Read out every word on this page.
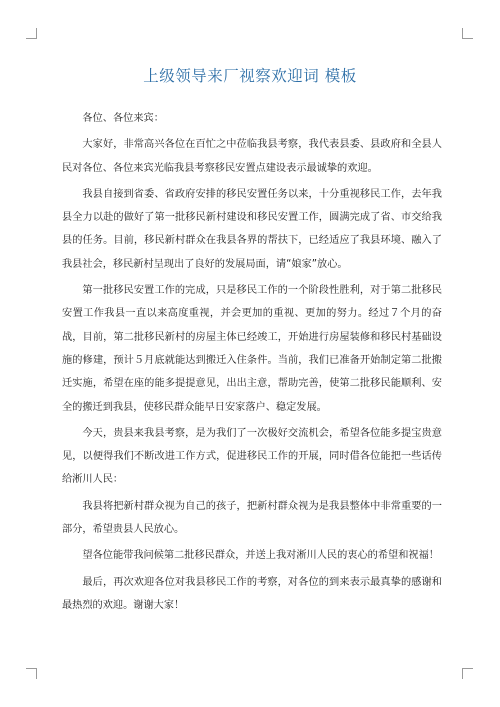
上级领导来厂视察欢迎词 模板

各位、各位来宾：

大家好，非常高兴各位在百忙之中莅临我县考察，我代表县委、县政府和全县人民对各位、各位来宾光临我县考察移民安置点建设表示最诚挚的欢迎。

我县自接到省委、省政府安排的移民安置任务以来，十分重视移民工作，去年我县全力以赴的做好了第一批移民新村建设和移民安置工作，圆满完成了省、市交给我县的任务。目前，移民新村群众在我县各界的帮扶下，已经适应了我县环境、融入了我县社会，移民新村呈现出了良好的发展局面，请“娘家”放心。

第一批移民安置工作的完成，只是移民工作的一个阶段性胜利，对于第二批移民安置工作我县一直以来高度重视，并会更加的重视、更加的努力。经过７个月的奋战，目前，第二批移民新村的房屋主体已经竣工，开始进行房屋装修和移民村基础设施的修建，预计５月底就能达到搬迁入住条件。当前，我们已准备开始制定第二批搬迁实施，希望在座的能多提提意见，出出主意，帮助完善，使第二批移民能顺利、安全的搬迁到我县，使移民群众能早日安家落户、稳定发展。

今天，贵县来我县考察，是为我们了一次极好交流机会，希望各位能多提宝贵意见，以便得我们不断改进工作方式，促进移民工作的开展，同时借各位能把一些话传给淅川人民：

我县将把新村群众视为自己的孩子，把新村群众视为是我县整体中非常重要的一部分，希望贵县人民放心。

望各位能带我问候第二批移民群众，并送上我对淅川人民的衷心的希望和祝福！

最后，再次欢迎各位对我县移民工作的考察，对各位的到来表示最真挚的感谢和最热烈的欢迎。谢谢大家！
